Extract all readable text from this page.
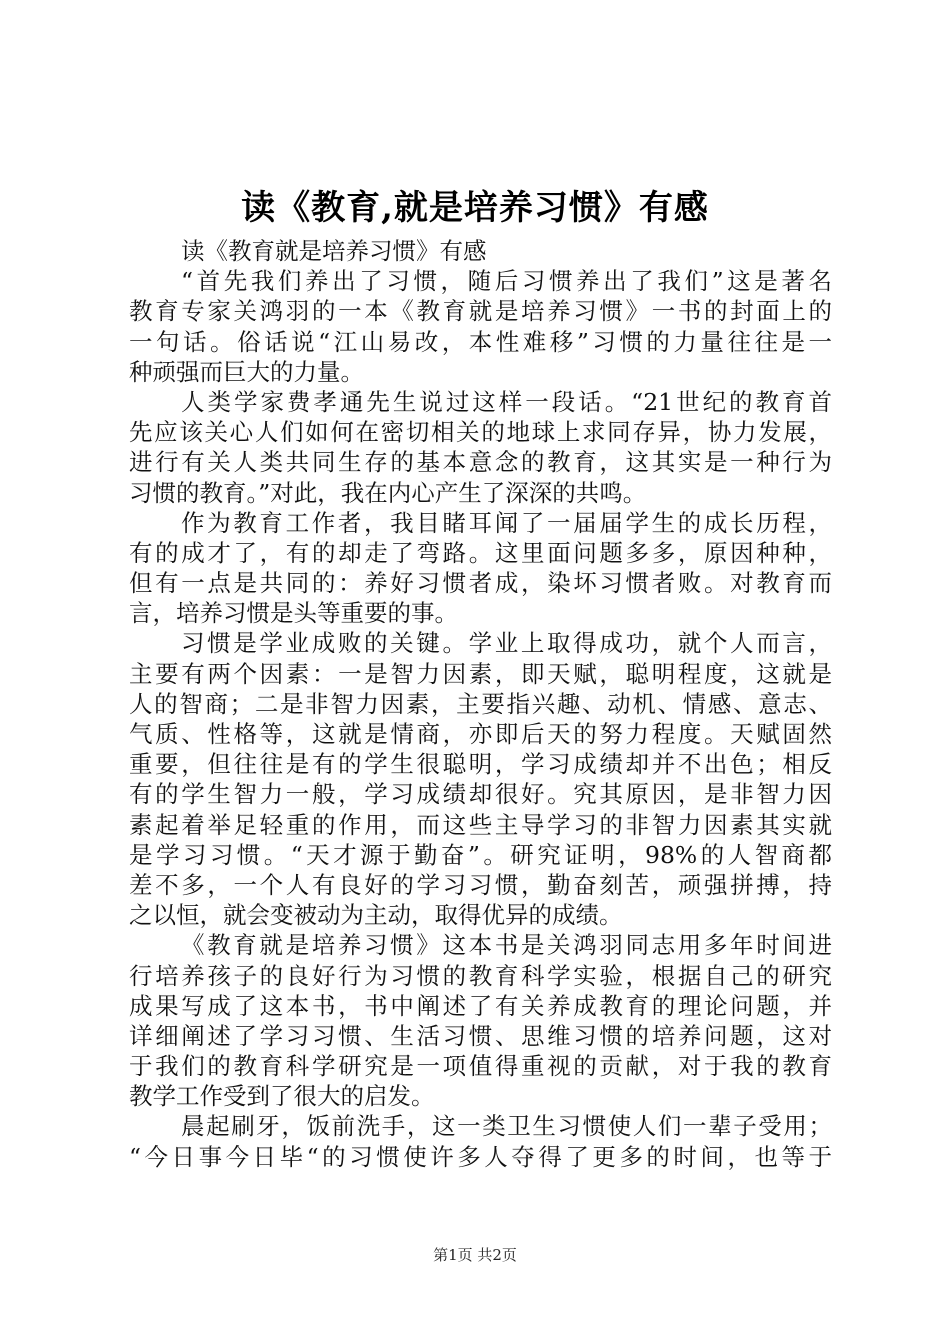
读《教育,就是培养习惯》有感
读《教育就是培养习惯》有感
“首先我们养出了习惯，随后习惯养出了我们”这是著名
教育专家关鸿羽的一本《教育就是培养习惯》一书的封面上的
一句话。俗话说“江山易改，本性难移”习惯的力量往往是一
种顽强而巨大的力量。
人类学家费孝通先生说过这样一段话。“21世纪的教育首
先应该关心人们如何在密切相关的地球上求同存异，协力发展，
进行有关人类共同生存的基本意念的教育，这其实是一种行为
习惯的教育。”对此，我在内心产生了深深的共鸣。
作为教育工作者，我目睹耳闻了一届届学生的成长历程，
有的成才了，有的却走了弯路。这里面问题多多，原因种种，
但有一点是共同的：养好习惯者成，染坏习惯者败。对教育而
言，培养习惯是头等重要的事。
习惯是学业成败的关键。学业上取得成功，就个人而言，
主要有两个因素：一是智力因素，即天赋，聪明程度，这就是
人的智商；二是非智力因素，主要指兴趣、动机、情感、意志、
气质、性格等，这就是情商，亦即后天的努力程度。天赋固然
重要，但往往是有的学生很聪明，学习成绩却并不出色；相反
有的学生智力一般，学习成绩却很好。究其原因，是非智力因
素起着举足轻重的作用，而这些主导学习的非智力因素其实就
是学习习惯。“天才源于勤奋”。研究证明，98%的人智商都
差不多，一个人有良好的学习习惯，勤奋刻苦，顽强拼搏，持
之以恒，就会变被动为主动，取得优异的成绩。
《教育就是培养习惯》这本书是关鸿羽同志用多年时间进
行培养孩子的良好行为习惯的教育科学实验，根据自己的研究
成果写成了这本书，书中阐述了有关养成教育的理论问题，并
详细阐述了学习习惯、生活习惯、思维习惯的培养问题，这对
于我们的教育科学研究是一项值得重视的贡献，对于我的教育
教学工作受到了很大的启发。
晨起刷牙，饭前洗手，这一类卫生习惯使人们一辈子受用；
“今日事今日毕“的习惯使许多人夺得了更多的时间，也等于
第1页 共2页
